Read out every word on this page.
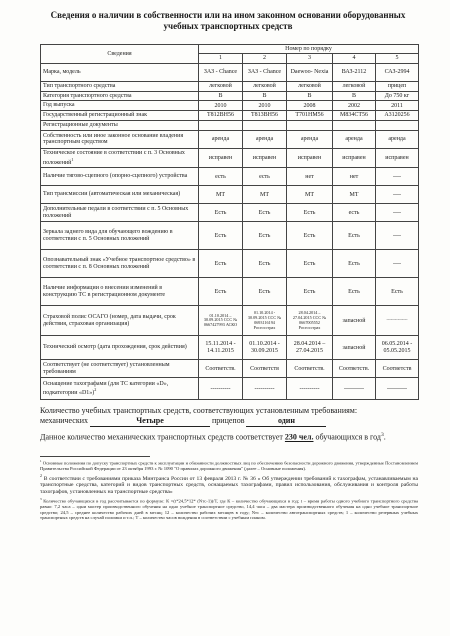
Сведения о наличии в собственности или на ином законном основании оборудованных учебных транспортных средств
Сведения	Номер по порядку				
	1	2	3	4	5
Марка, модель	ЗАЗ - Chance	ЗАЗ - Chance	Daewoo- Nexia	ВАЗ-2112	САЗ-2994
Тип транспортного средства	легковой	легковой	легковой	легковой	прицеп
Категория транспортного средства	В	В	В	В	До 750 кг
Год выпуска	2010	2010	2008	2002	2011
Государственный регистрационный знак	Т812ВН56	Т813ВН56	Т701НМ56	М834СТ56	А3120256
Регистрационные документы					
Собственность или иное законное основание владения транспортным средством	аренда	аренда	аренда	аренда	аренда
Техническое состояние в соответствии с п. 3 Основных положений$^1$	исправен	исправен	исправен	исправен	исправен
Наличие тягово-сцепного (опорно-сцепного) устройства	есть	есть	нет	нет	----
Тип трансмиссии (автоматическая или механическая)	МТ	МТ	МТ	МТ	----
Дополнительные педали в соответствии с п. 5 Основных положений	Есть	Есть	Есть	есть	----
Зеркала заднего вида для обучающего вождению в соответствии с п. 5 Основных положений	Есть	Есть	Есть	Есть	----
Опознавательный знак «Учебное транспортное средство» в соответствии с п. 8 Основных положений	Есть	Есть	Есть	Есть	----
Наличие информации о внесении изменений в конструкцию ТС в регистрационном документе	Есть	Есть	Есть	Есть	Есть
Страховой полис ОСАГО (номер, дата выдачи, срок действия, страховая организация)	01.10.2014 – 30.09.2015 ССС № 0667427993 АСКО	01.10.2014 - 30.09.2015 ССС № 0693116194 Росгосстрах	28.04.2014 – 27.04.2015 ССС № 0667005552 Росгосстрах	запасной	---------------
Технический осмотр (дата прохождения, срок действия)	15.11.2014 - 14.11.2015	01.10.2014 - 30.09.2015	28.04.2014 – 27.04.2015	запасной	06.05.2014 - 05.05.2015
Соответствует (не соответствует) установленным требованиям	Соответств.	Соответств	Соответств.	Соответств.	Соответств
Оснащение тахографами (для ТС категории «D», подкатегории «D1»)$^2$	----------	----------	----------	----------	----------
Количество учебных транспортных средств, соответствующих установленным требованиям:
механических	Четыре	прицепов	один
Данное количество механических транспортных средств соответствует 230 чел. обучающихся в год$^3$.
$^1$ Основные положения по допуску транспортных средств к эксплуатации и обязанности должностных лиц по обеспечению безопасности дорожного движения, утвержденные Постановлением Правительства Российской Федерации от 23 октября 1993 г. № 1090 "О правилах дорожного движения" (далее – Основные положения).
$^2$ В соответствии с требованиями приказа Минтранса России от 13 февраля 2013 г. № 36 « Об утверждении требований к тахографам, устанавливаемым на транспортные средства, категорий и видов транспортных средств, оснащаемых тахографами, правил использования, обслуживания и контроля работы тахографов, установленных на транспортные средства»
$^3$ Количество обучающихся в год рассчитывается по формуле: К =(t*24,5*12* (Nтс-1))/Т, где К – количество обучающихся в год; t – время работы одного учебного транспортного средства равно: 7,2 часа – одни мастер производственного обучения на одно учебное транспортное средство, 14,4 часа – два мастера производственного обучения на одно учебное транспортное средство; 24,5 – среднее количество рабочих дней в месяц; 12 – количество рабочих месяцев в году; Nтс – количество автотранспортных средств; 1 – количество резервных учебных транспортных средств на случай поломки и т.п.; Т – количество часов вождения в соответствии с учебным планом.
